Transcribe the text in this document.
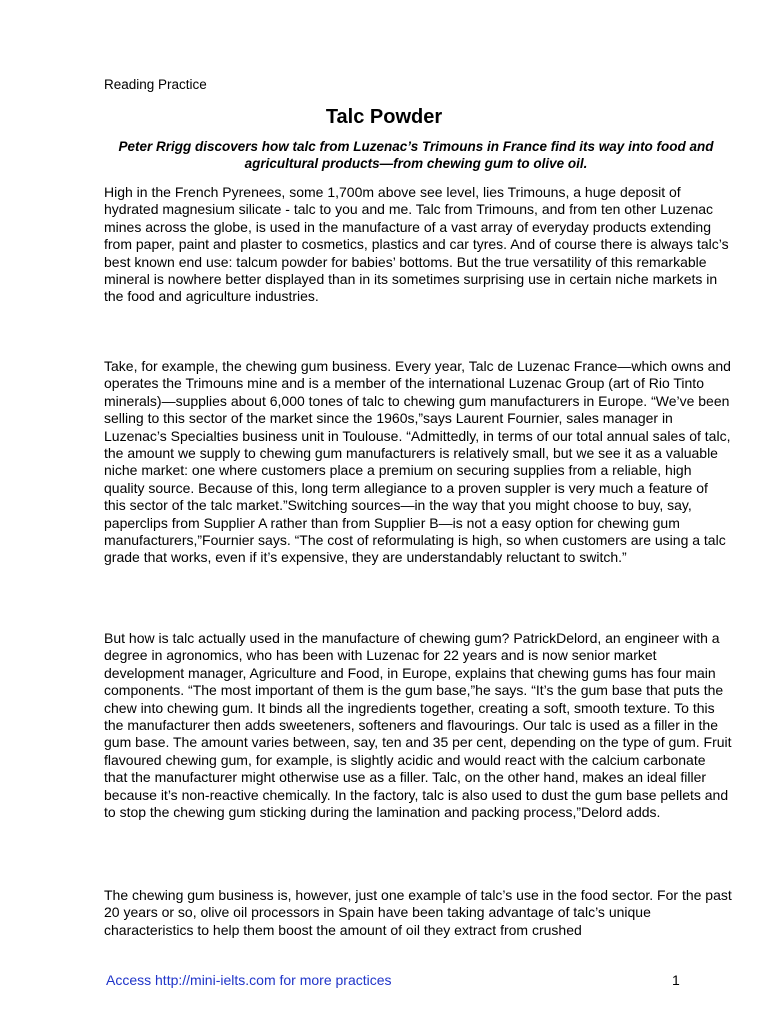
Reading Practice
Talc Powder
Peter Rrigg discovers how talc from Luzenac’s Trimouns in France find its way into food and agricultural products—from chewing gum to olive oil.

High in the French Pyrenees, some 1,700m above see level, lies Trimouns, a huge deposit of hydrated magnesium silicate - talc to you and me. Talc from Trimouns, and from ten other Luzenac mines across the globe, is used in the manufacture of a vast array of everyday products extending from paper, paint and plaster to cosmetics, plastics and car tyres. And of course there is always talc’s best known end use: talcum powder for babies’ bottoms. But the true versatility of this remarkable mineral is nowhere better displayed than in its sometimes surprising use in certain niche markets in the food and agriculture industries.

Take, for example, the chewing gum business. Every year, Talc de Luzenac France—which owns and operates the Trimouns mine and is a member of the international Luzenac Group (art of Rio Tinto minerals)—supplies about 6,000 tones of talc to chewing gum manufacturers in Europe. “We’ve been selling to this sector of the market since the 1960s,”says Laurent Fournier, sales manager in Luzenac’s Specialties business unit in Toulouse. “Admittedly, in terms of our total annual sales of talc, the amount we supply to chewing gum manufacturers is relatively small, but we see it as a valuable niche market: one where customers place a premium on securing supplies from a reliable, high quality source. Because of this, long term allegiance to a proven suppler is very much a feature of this sector of the talc market.”Switching sources—in the way that you might choose to buy, say, paperclips from Supplier A rather than from Supplier B—is not a easy option for chewing gum manufacturers,”Fournier says. “The cost of reformulating is high, so when customers are using a talc grade that works, even if it’s expensive, they are understandably reluctant to switch.”

But how is talc actually used in the manufacture of chewing gum? PatrickDelord, an engineer with a degree in agronomics, who has been with Luzenac for 22 years and is now senior market development manager, Agriculture and Food, in Europe, explains that chewing gums has four main components. “The most important of them is the gum base,”he says. “It’s the gum base that puts the chew into chewing gum. It binds all the ingredients together, creating a soft, smooth texture. To this the manufacturer then adds sweeteners, softeners and flavourings. Our talc is used as a filler in the gum base. The amount varies between, say, ten and 35 per cent, depending on the type of gum. Fruit flavoured chewing gum, for example, is slightly acidic and would react with the calcium carbonate that the manufacturer might otherwise use as a filler. Talc, on the other hand, makes an ideal filler because it’s non-reactive chemically. In the factory, talc is also used to dust the gum base pellets and to stop the chewing gum sticking during the lamination and packing process,”Delord adds.

The chewing gum business is, however, just one example of talc’s use in the food sector. For the past 20 years or so, olive oil processors in Spain have been taking advantage of talc’s unique characteristics to help them boost the amount of oil they extract from crushed

Access http://mini-ielts.com for more practices	1
